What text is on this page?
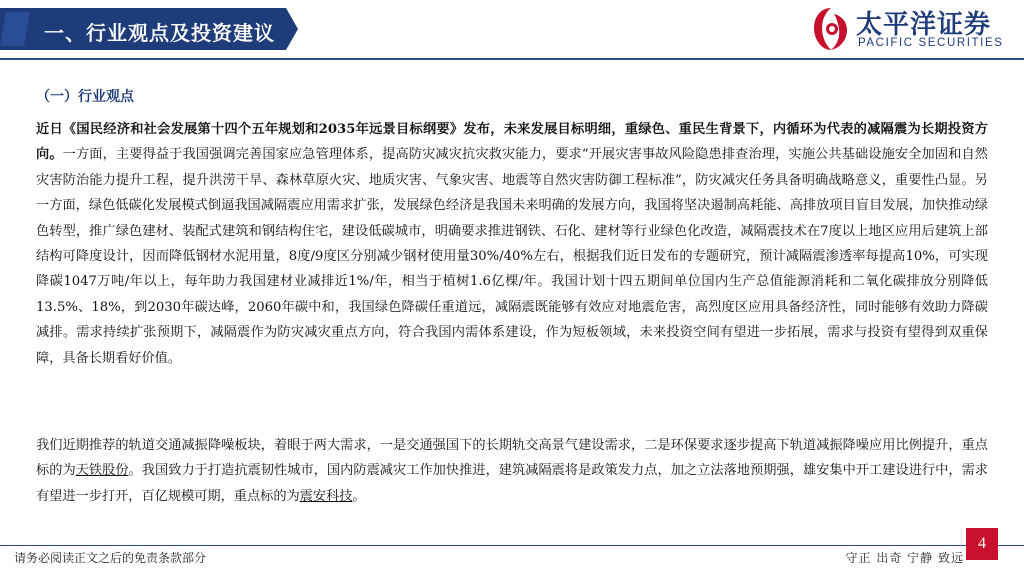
一、行业观点及投资建议	太平洋证券
PACIFIC SECURITIES
（一）行业观点
近日《国民经济和社会发展第十四个五年规划和2035年远景目标纲要》发布，未来发展目标明细，重绿色、重民生背景下，内循环为代表的减隔震为长期投资方向。一方面，主要得益于我国强调完善国家应急管理体系，提高防灾减灾抗灾救灾能力，要求“开展灾害事故风险隐患排查治理，实施公共基础设施安全加固和自然灾害防治能力提升工程，提升洪涝干旱、森林草原火灾、地质灾害、气象灾害、地震等自然灾害防御工程标准”，防灾减灾任务具备明确战略意义，重要性凸显。另一方面，绿色低碳化发展模式倒逼我国减隔震应用需求扩张，发展绿色经济是我国未来明确的发展方向，我国将坚决遏制高耗能、高排放项目盲目发展，加快推动绿色转型，推广绿色建材、装配式建筑和钢结构住宅，建设低碳城市，明确要求推进钢铁、石化、建材等行业绿色化改造，减隔震技术在7度以上地区应用后建筑上部结构可降度设计，因而降低钢材水泥用量，8度/9度区分别减少钢材使用量30%/40%左右，根据我们近日发布的专题研究，预计减隔震渗透率每提高10%，可实现降碳1047万吨/年以上，每年助力我国建材业减排近1%/年，相当于植树1.6亿棵/年。我国计划十四五期间单位国内生产总值能源消耗和二氧化碳排放分别降低13.5%、18%，到2030年碳达峰，2060年碳中和，我国绿色降碳任重道远，减隔震既能够有效应对地震危害，高烈度区应用具备经济性，同时能够有效助力降碳减排。需求持续扩张预期下，减隔震作为防灾减灾重点方向，符合我国内需体系建设，作为短板领域，未来投资空间有望进一步拓展，需求与投资有望得到双重保障，具备长期看好价值。
我们近期推荐的轨道交通减振降噪板块，着眼于两大需求，一是交通强国下的长期轨交高景气建设需求，二是环保要求逐步提高下轨道减振降噪应用比例提升，重点标的为天铁股份。我国致力于打造抗震韧性城市，国内防震减灾工作加快推进，建筑减隔震将是政策发力点，加之立法落地预期强，雄安集中开工建设进行中，需求有望进一步打开，百亿规模可期，重点标的为震安科技。
请务必阅读正文之后的免责条款部分	守正 出奇 宁静 致远
4
